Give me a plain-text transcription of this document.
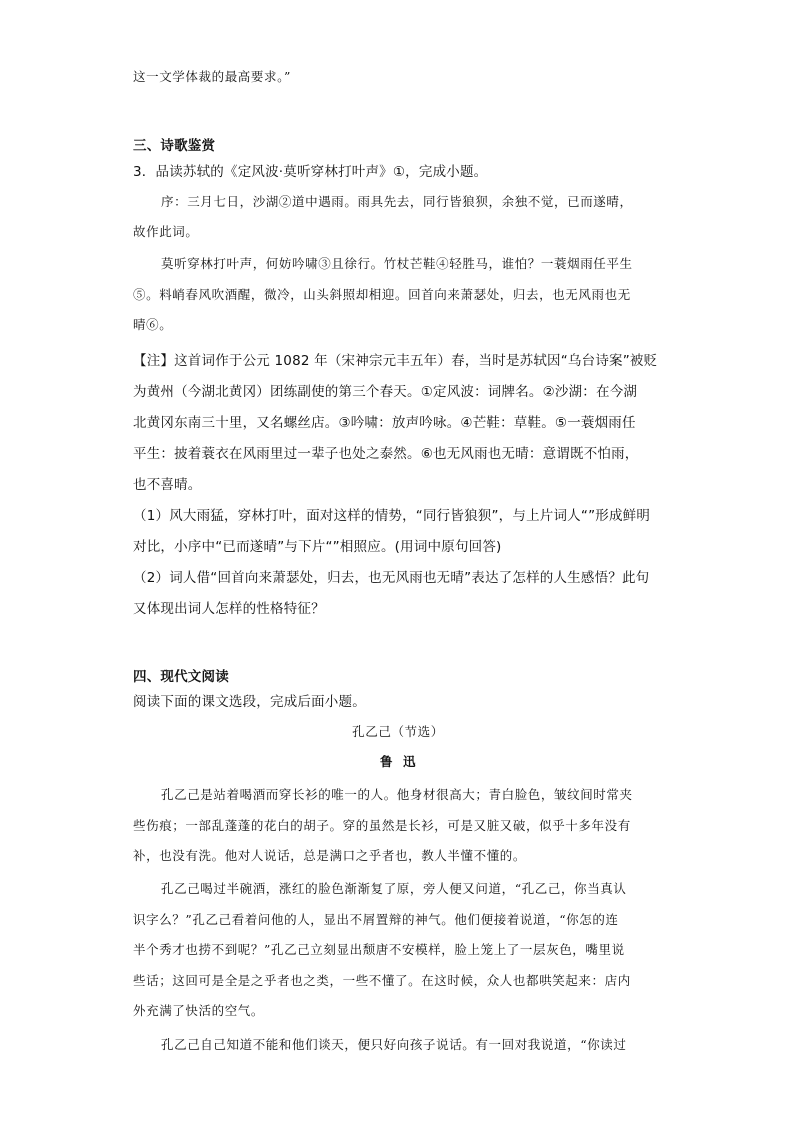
这一文学体裁的最高要求。”
三、诗歌鉴赏
3．品读苏轼的《定风波·莫听穿林打叶声》①，完成小题。
序：三月七日，沙湖②道中遇雨。雨具先去，同行皆狼狈，余独不觉，已而遂晴，
故作此词。
莫听穿林打叶声，何妨吟啸③且徐行。竹杖芒鞋④轻胜马，谁怕？一蓑烟雨任平生
⑤。料峭春风吹酒醒，微冷，山头斜照却相迎。回首向来萧瑟处，归去，也无风雨也无
晴⑥。
【注】这首词作于公元 1082 年（宋神宗元丰五年）春，当时是苏轼因“乌台诗案”被贬
为黄州（今湖北黄冈）团练副使的第三个春天。①定风波：词牌名。②沙湖：在今湖
北黄冈东南三十里，又名螺丝店。③吟啸：放声吟咏。④芒鞋：草鞋。⑤一蓑烟雨任
平生：披着蓑衣在风雨里过一辈子也处之泰然。⑥也无风雨也无晴：意谓既不怕雨，
也不喜晴。
（1）风大雨猛，穿林打叶，面对这样的情势，“同行皆狼狈”，与上片词人“”形成鲜明
对比，小序中“已而遂晴”与下片“”相照应。(用词中原句回答)
（2）词人借“回首向来萧瑟处，归去，也无风雨也无晴”表达了怎样的人生感悟？此句
又体现出词人怎样的性格特征？
四、现代文阅读
阅读下面的课文选段，完成后面小题。
孔乙己（节选）
鲁  迅
孔乙己是站着喝酒而穿长衫的唯一的人。他身材很高大；青白脸色，皱纹间时常夹
些伤痕；一部乱蓬蓬的花白的胡子。穿的虽然是长衫，可是又脏又破，似乎十多年没有
补，也没有洗。他对人说话，总是满口之乎者也，教人半懂不懂的。
孔乙己喝过半碗酒，涨红的脸色渐渐复了原，旁人便又问道，“孔乙己，你当真认
识字么？”孔乙己看着问他的人，显出不屑置辩的神气。他们便接着说道，“你怎的连
半个秀才也捞不到呢？”孔乙己立刻显出颓唐不安模样，脸上笼上了一层灰色，嘴里说
些话；这回可是全是之乎者也之类，一些不懂了。在这时候，众人也都哄笑起来：店内
外充满了快活的空气。
孔乙己自己知道不能和他们谈天，便只好向孩子说话。有一回对我说道，“你读过
